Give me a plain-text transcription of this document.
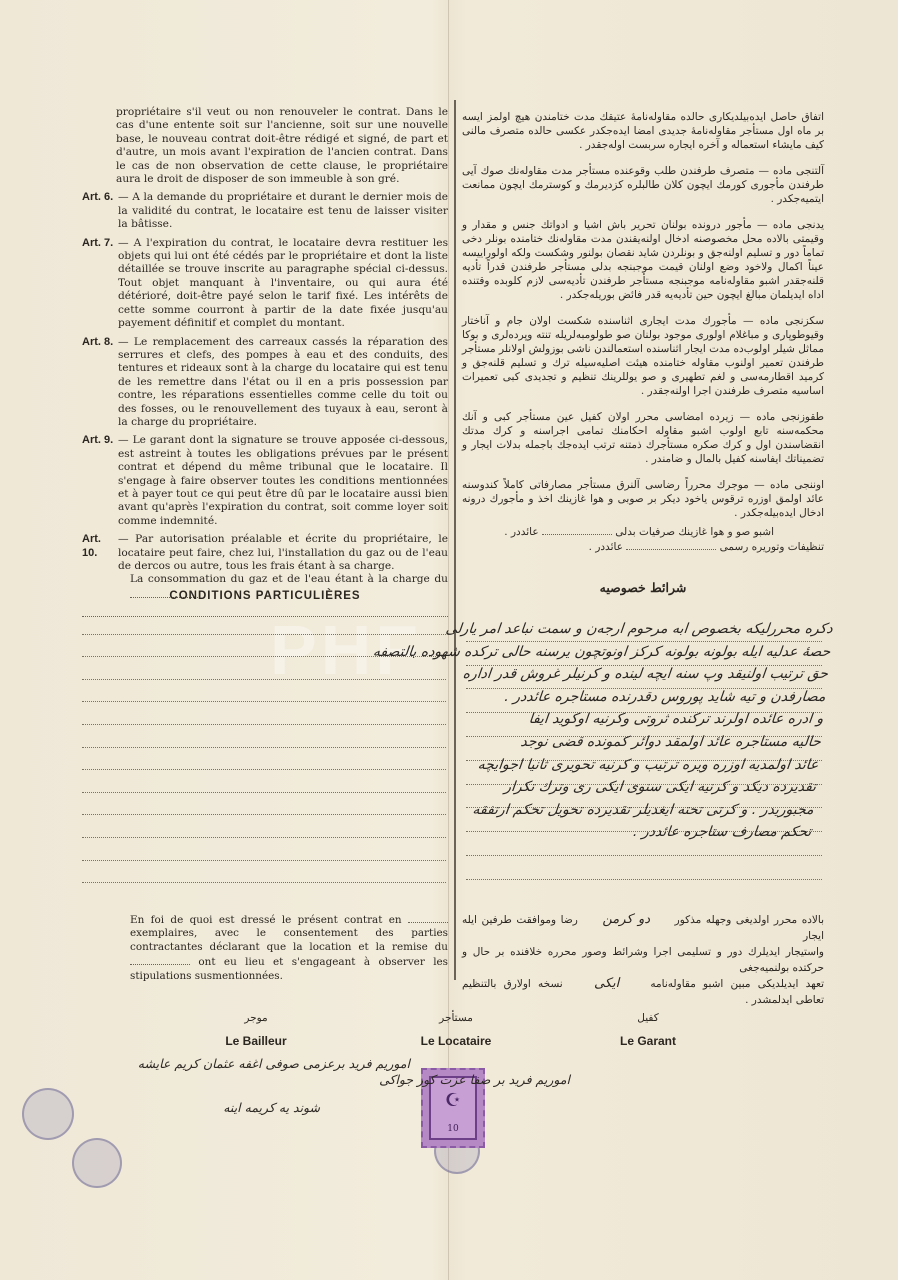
PHF

propriétaire s'il veut ou non renouveler le contrat. Dans le cas d'une entente soit sur l'ancienne, soit sur une nouvelle base, le nouveau contrat doit-être rédigé et signé, de part et d'autre, un mois avant l'expiration de l'ancien contrat. Dans le cas de non observation de cette clause, le propriétaire aura le droit de disposer de son immeuble à son gré.

Art. 6. — A la demande du propriétaire et durant le dernier mois de la validité du contrat, le locataire est tenu de laisser visiter la bâtisse.
Art. 7. — A l'expiration du contrat, le locataire devra restituer les objets qui lui ont été cédés par le propriétaire et dont la liste détaillée se trouve inscrite au paragraphe spécial ci-dessus. Tout objet manquant à l'inventaire, ou qui aura été détérioré, doit-être payé selon le tarif fixé. Les intérêts de cette somme courront à partir de la date fixée jusqu'au payement définitif et complet du montant.
Art. 8. — Le remplacement des carreaux cassés la réparation des serrures et clefs, des pompes à eau et des conduits, des tentures et rideaux sont à la charge du locataire qui est tenu de les remettre dans l'état ou il en a pris possession par contre, les réparations essentielles comme celle du toit ou des fosses, ou le renouvellement des tuyaux à eau, seront à la charge du propriétaire.
Art. 9. — Le garant dont la signature se trouve apposée ci-dessous, est astreint à toutes les obligations prévues par le présent contrat et dépend du même tribunal que le locataire. Il s'engage à faire observer toutes les conditions mentionnées et à payer tout ce qui peut être dû par le locataire aussi bien avant qu'après l'expiration du contrat, soit comme loyer soit comme indemnité.
Art. 10.
— Par autorisation préalable et écrite du propriétaire, le locataire peut faire, chez lui, l'installation du gaz ou de l'eau de dercos ou autre, tous les frais étant à sa charge.
La consommation du gaz et de l'eau étant à la charge du
CONDITIONS PARTICULIÈRES
En foi de quoi est dressé le présent contrat en  exemplaires, avec le consentement des parties contractantes déclarant que la location et la remise du  ont eu lieu et s'engageant à observer les stipulations susmentionnées.

اتفاق حاصل ایده‌بیلدیکاری حالده مقاوله‌نامهٔ عتیقك مدت ختامندن هیچ اولمز ایسه بر ماه اول مستأجر مقاوله‌نامهٔ جدیدی امضا ایده‌جکدر عکسی حالده متصرف مالنی کیف مایشاء استعماله و آخره ایجاره سربست اوله‌جقدر .

آلتنجی ماده — متصرف طرفندن طلب وقوعنده مستأجر مدت مقاوله‌نك صوك آیی طرفندن مأجوری کورمك ایچون کلان طالبلره کزدیرمك و کوسترمك ایچون ممانعت ایتمیه‌جکدر .

یدنجی ماده — مأجور درونده بولنان تحریر باش اشیا و ادواتك جنس و مقدار و وقیمتی بالاده محل مخصوصنه ادخال اولنه‌یقندن مدت مقاوله‌نك ختامنده بونلر دخی تماماً دور و تسلیم اولنه‌جق و بونلردن شاید نقصان بولنور وشکست ولکه اولوراییسه عیناً اکمال ولاخود وضع اولنان قیمت موجبنجه بدلی مستأجر طرفندن قدراً تأدیه قلنه‌جقدر اشبو مقاوله‌نامه موجبنجه مستأجر طرفندن تأدیه‌سی لازم کلوبده وقتنده اداه ایدیلمان مبالغ ایچون حین تأدیه‌یه قدر فائض بوریله‌جکدر .

سکزنجی ماده — مأجورك مدت ایجاری اثناسنده شکست اولان جام و آناختار وقیوطوپاری و مباغلام اولوری موجود بولنان صو طولومبه‌لریله تنته وپرده‌لری و بوکا مماثل شیلر اولوب‌ده مدت ایجار اثناسنده استعمالندن ناشی بوزولش اولانلر مستأجر طرفندن تعمیر اولنوب مقاوله ختامنده هیئت اصلیه‌سیله ترك و تسلیم قلنه‌جق و کرمید اقطارمه‌سی و لغم تطهیری و صو یوللرینك تنظیم و تجدیدی کبی تعمیرات اساسیه متصرف طرفندن اجرا اولنه‌جقدر .

طقوزنجی ماده — زیرده امضاسی محرر اولان کفیل عین مستأجر کبی و آنك محکمه‌سنه تابع اولوب اشبو مقاوله احکامنك تمامی اجراسنه و کرك مدتك انقضاسندن اول و کرك صکره مستأجرك ذمتنه ترتب ایده‌جك باجمله بدلات ایجار و تضمیناتك ایفاسنه کفیل بالمال و ضامندر .

اوننجی ماده — موجرك محرراً رضاسی آلنرق مستأجر مصارفاتی کاملاً کندوسنه عائد اولمق اوزره ترقوس یاخود دیکر بر صوبی و هوا غازینك اخذ و مأجورك درونه ادخال ایده‌بیله‌جکدر .

اشبو صو و هوا غازینك صرفیات بدلی  عائددر .
تنظیفات وتوریره رسمی  عائددر .
شرائط خصوصیه
دکره محررلیکه بخصوص ابه مرحوم ارجه‌ن و سمت نباعد امر یارلی
حصهٔ عدلیه ایله بولونه بولونه کرکز اونوتچون یرسنه حالی ترکده شهوده بالتصفه
حق ترتیب اولنیقد وپ سنه ایچه لینده و کرنیلر غروش قدر اداره
مصارفدن و تیه شاید پوروس دقدرنده مستاجره عائددر .
و ادره عائده اولرند ترکنده ثروتی وکرنیه اوکوید ایفا
حاليه مستاجره عائد اولمقد دوائر کمونده قضی نوجد
عائد اولمدیه اوزره ویره ترتیب و کرنیه تحویری ثانیا اجوایچه
تقدیرده دیکد و کرنیه ایکی سنوی ایکی ری وترك تکرار
مجبوریدر . و کرتی تحته ایغدیلر تقدیرده تحویل تحکم ارتفقه
تحکم مصارف ستاجره عائددر .
بالاده محرر اولدیغی وجهله مذکور دو كرمن رضا وموافقت طرفین ایله ایجار
واستیجار ایدیلرك دور و تسلیمی اجرا وشرائط وصور محرره خلافنده بر حال و حرکتده بولنمیه‌جغی
تعهد ایدیلدیکی مبین اشبو مقاوله‌نامه ایکی نسخه اولارق بالتنظیم تعاطی ایدلمشدر .
موجر
Le Bailleur
مستأجر
Le Locataire
کفیل
Le Garant
اموریم فرید برعزمی صوفی اغفه عثمان کریم عایشه
شوند یه کریمه اینه	☪
10
اموریم فرید بر صفا عزت کور جواکی
